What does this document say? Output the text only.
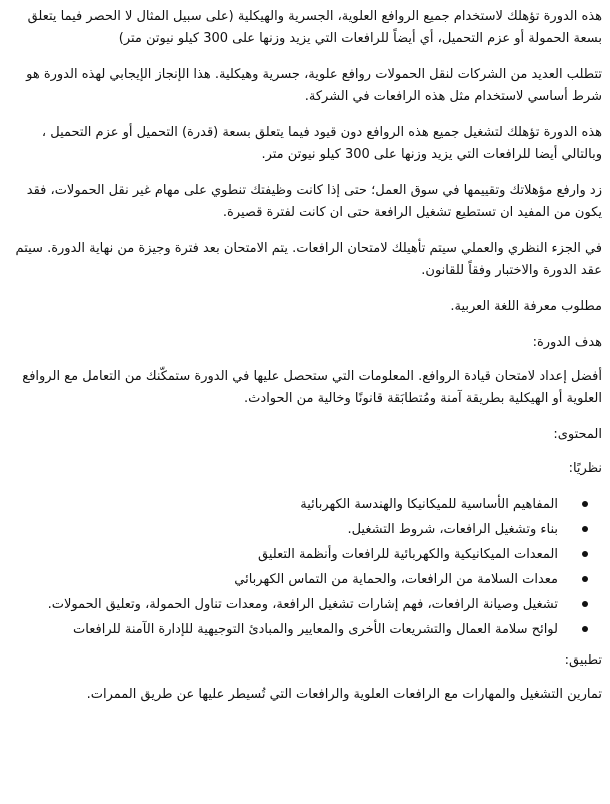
هذه الدورة تؤهلك لاستخدام جميع الروافع العلوية، الجسرية والهيكلية (على سبيل المثال لا الحصر فيما يتعلق بسعة الحمولة أو عزم التحميل، أي أيضاً للرافعات التي يزيد وزنها على 300 كيلو نيوتن متر)

تتطلب العديد من الشركات لنقل الحمولات روافع علوية، جسرية وهيكلية. هذا الإنجاز الإيجابي لهذه الدورة هو شرط أساسي لاستخدام مثل هذه الرافعات في الشركة.

هذه الدورة تؤهلك لتشغيل جميع هذه الروافع دون قيود فيما يتعلق بسعة (قدرة) التحميل أو عزم التحميل ، وبالتالي أيضا للرافعات التي يزيد وزنها على 300 كيلو نيوتن متر.

زد وارفع مؤهلاتك وتقييمها في سوق العمل؛ حتى إذا كانت وظيفتك تنطوي على مهام غير نقل الحمولات، فقد يكون من المفيد ان تستطيع تشغيل الرافعة حتى ان كانت لفترة قصيرة.

في الجزء النظري والعملي سيتم تأهيلك لامتحان الرافعات. يتم الامتحان بعد فترة وجيزة من نهاية الدورة. سيتم عقد الدورة والاختبار وفقاً للقانون.

مطلوب معرفة اللغة العربية.

هدف الدورة:

أفضل إعداد لامتحان قيادة الروافع. المعلومات التي ستحصل عليها في الدورة ستمكّنك من التعامل مع الروافع العلوية أو الهيكلية بطريقة آمنة ومُتطابَقة قانونًا وخالية من الحوادث.

المحتوى:

نظريًا:

المفاهيم الأساسية للميكانيكا والهندسة الكهربائية
بناء وتشغيل الرافعات، شروط التشغيل.
المعدات الميكانيكية والكهربائية للرافعات وأنظمة التعليق
معدات السلامة من الرافعات، والحماية من التماس الكهربائي
تشغيل وصيانة الرافعات، فهم إشارات تشغيل الرافعة، ومعدات تناول الحمولة، وتعليق الحمولات.
لوائح سلامة العمال والتشريعات الأخرى والمعايير والمبادئ التوجيهية للإدارة الآمنة للرافعات

تطبيق:

تمارين التشغيل والمهارات مع الرافعات العلوية والرافعات التي تُسيطر عليها عن طريق الممرات.
